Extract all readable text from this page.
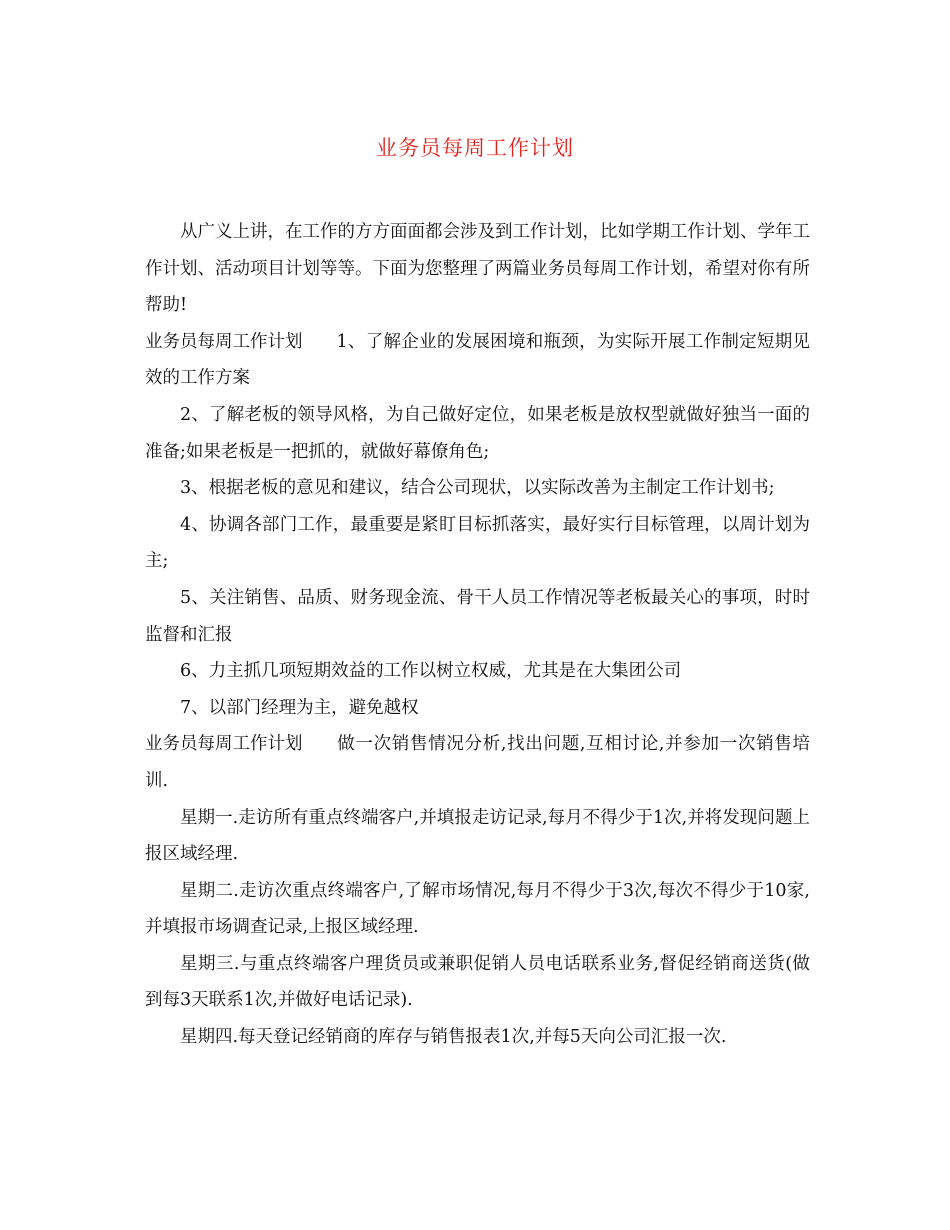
业务员每周工作计划

从广义上讲，在工作的方方面面都会涉及到工作计划，比如学期工作计划、学年工作计划、活动项目计划等等。下面为您整理了两篇业务员每周工作计划，希望对你有所帮助!

业务员每周工作计划 1、了解企业的发展困境和瓶颈，为实际开展工作制定短期见效的工作方案

2、了解老板的领导风格，为自己做好定位，如果老板是放权型就做好独当一面的准备;如果老板是一把抓的，就做好幕僚角色;

3、根据老板的意见和建议，结合公司现状，以实际改善为主制定工作计划书;

4、协调各部门工作，最重要是紧盯目标抓落实，最好实行目标管理，以周计划为主;

5、关注销售、品质、财务现金流、骨干人员工作情况等老板最关心的事项，时时监督和汇报

6、力主抓几项短期效益的工作以树立权威，尤其是在大集团公司

7、以部门经理为主，避免越权

业务员每周工作计划 做一次销售情况分析,找出问题,互相讨论,并参加一次销售培训.

星期一.走访所有重点终端客户,并填报走访记录,每月不得少于1次,并将发现问题上报区域经理.

星期二.走访次重点终端客户,了解市场情况,每月不得少于3次,每次不得少于10家,并填报市场调查记录,上报区域经理.

星期三.与重点终端客户理货员或兼职促销人员电话联系业务,督促经销商送货(做到每3天联系1次,并做好电话记录).

星期四.每天登记经销商的库存与销售报表1次,并每5天向公司汇报一次.
